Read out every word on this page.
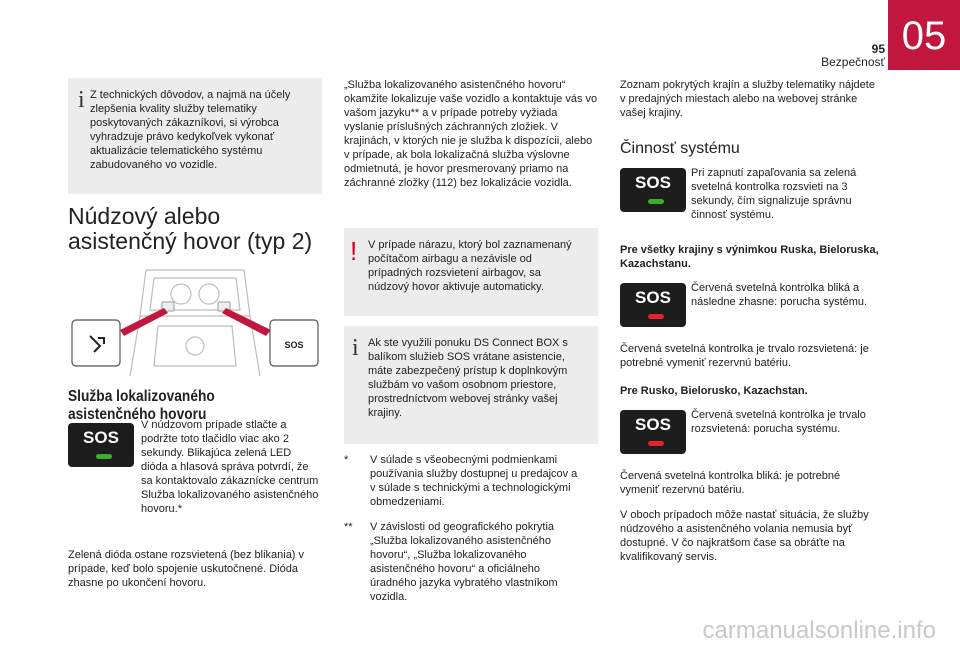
05
95
Bezpečnosť
i Z technických dôvodov, a najmä na účely zlepšenia kvality služby telematiky poskytovaných zákazníkovi, si výrobca vyhradzuje právo kedykoľvek vykonať aktualizácie telematického systému zabudovaného vo vozidle.
Núdzový alebo asistenčný hovor (typ 2)
SOS
Služba lokalizovaného asistenčného hovoru
SOS
V núdzovom prípade stlačte a podržte toto tlačidlo viac ako 2 sekundy. Blikajúca zelená LED dióda a hlasová správa potvrdí, že sa kontaktovalo zákaznícke centrum Služba lokalizovaného asistenčného hovoru.*
Zelená dióda ostane rozsvietená (bez blikania) v prípade, keď bolo spojenie uskutočnené. Dióda zhasne po ukončení hovoru.
„Služba lokalizovaného asistenčného hovoru“ okamžite lokalizuje vaše vozidlo a kontaktuje vás vo vašom jazyku** a v prípade potreby vyžiada vyslanie príslušných záchranných zložiek. V krajinách, v ktorých nie je služba k dispozícii, alebo v prípade, ak bola lokalizačná služba výslovne odmietnutá, je hovor presmerovaný priamo na záchranné zložky (112) bez lokalizácie vozidla.
! V prípade nárazu, ktorý bol zaznamenaný počítačom airbagu a nezávisle od prípadných rozsvietení airbagov, sa núdzový hovor aktivuje automaticky.
i Ak ste využili ponuku DS Connect BOX s balíkom služieb SOS vrátane asistencie, máte zabezpečený prístup k doplnkovým službám vo vašom osobnom priestore, prostredníctvom webovej stránky vašej krajiny.
*	V súlade s všeobecnými podmienkami používania služby dostupnej u predajcov a v súlade s technickými a technologickými obmedzeniami.
**	V závislosti od geografického pokrytia „Služba lokalizovaného asistenčného hovoru“, „Služba lokalizovaného asistenčného hovoru“ a oficiálneho úradného jazyka vybratého vlastníkom vozidla.
Zoznam pokrytých krajín a služby telematiky nájdete v predajných miestach alebo na webovej stránke vašej krajiny.
Činnosť systému
SOS	Pri zapnutí zapaľovania sa zelená svetelná kontrolka rozsvieti na 3 sekundy, čím signalizuje správnu činnosť systému.
Pre všetky krajiny s výnimkou Ruska, Bieloruska, Kazachstanu.
SOS	Červená svetelná kontrolka bliká a následne zhasne: porucha systému.
Červená svetelná kontrolka je trvalo rozsvietená: je potrebné vymeniť rezervnú batériu.
Pre Rusko, Bielorusko, Kazachstan.
SOS	Červená svetelná kontrolka je trvalo rozsvietená: porucha systému.
Červená svetelná kontrolka bliká: je potrebné vymeniť rezervnú batériu.
V oboch prípadoch môže nastať situácia, že služby núdzového a asistenčného volania nemusia byť dostupné. V čo najkratšom čase sa obráťte na kvalifikovaný servis.
carmanualsonline.info
